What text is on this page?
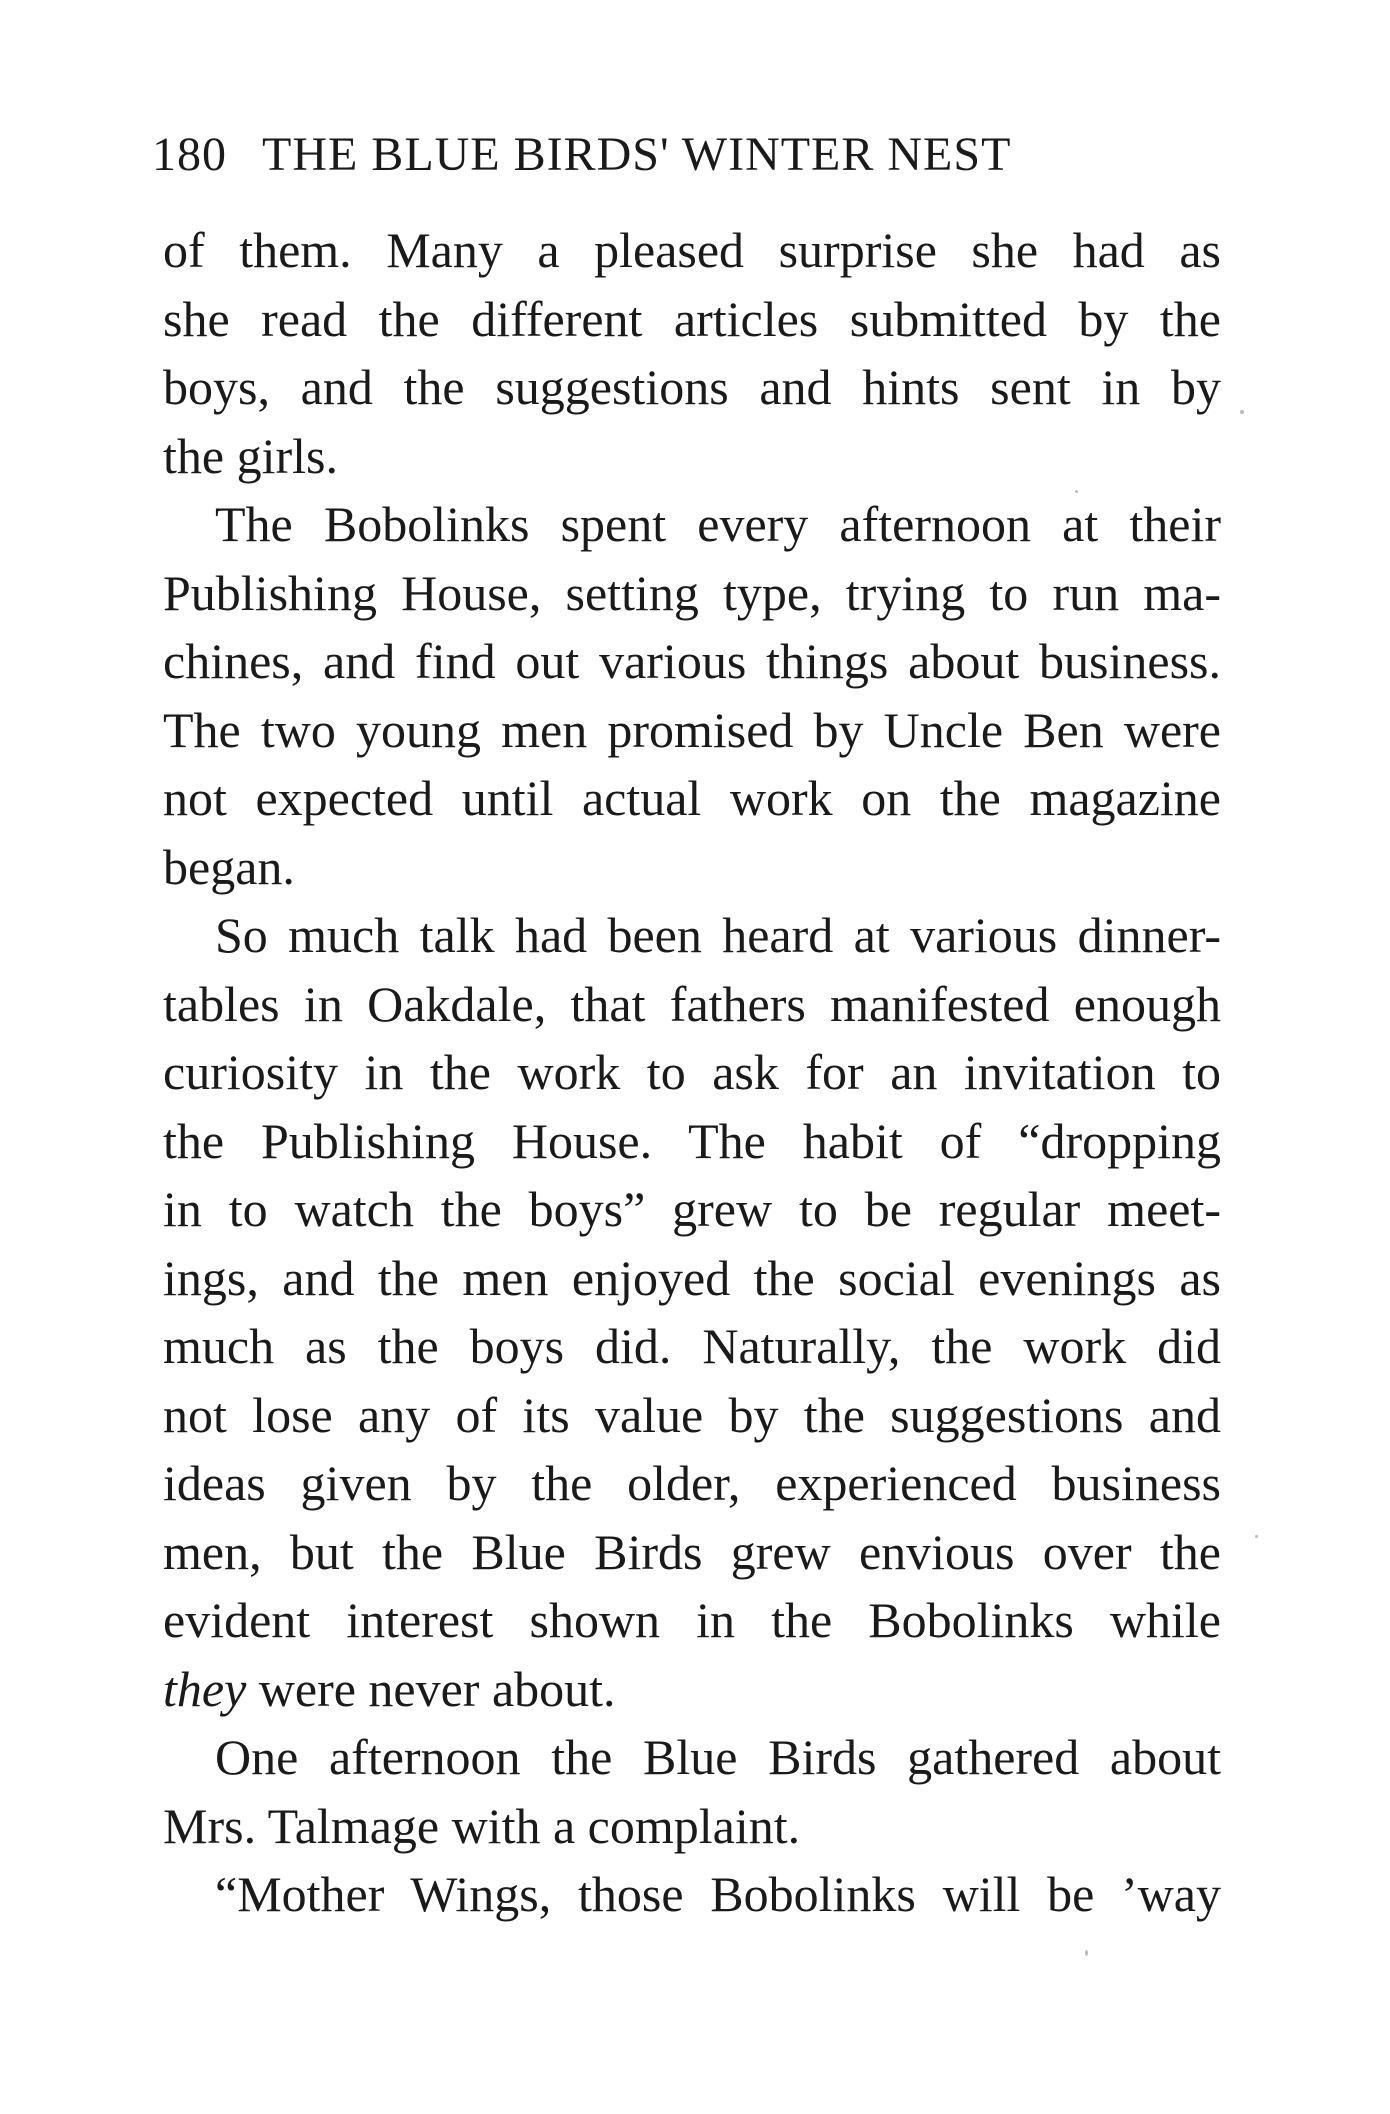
180 THE BLUE BIRDS' WINTER NEST
of them. Many a pleased surprise she had as
she read the different articles submitted by the
boys, and the suggestions and hints sent in by
the girls.
The Bobolinks spent every afternoon at their
Publishing House, setting type, trying to run ma-
chines, and find out various things about business.
The two young men promised by Uncle Ben were
not expected until actual work on the magazine
began.
So much talk had been heard at various dinner-
tables in Oakdale, that fathers manifested enough
curiosity in the work to ask for an invitation to
the Publishing House. The habit of “dropping
in to watch the boys” grew to be regular meet-
ings, and the men enjoyed the social evenings as
much as the boys did. Naturally, the work did
not lose any of its value by the suggestions and
ideas given by the older, experienced business
men, but the Blue Birds grew envious over the
evident interest shown in the Bobolinks while
they were never about.
One afternoon the Blue Birds gathered about
Mrs. Talmage with a complaint.
“Mother Wings, those Bobolinks will be ’way
